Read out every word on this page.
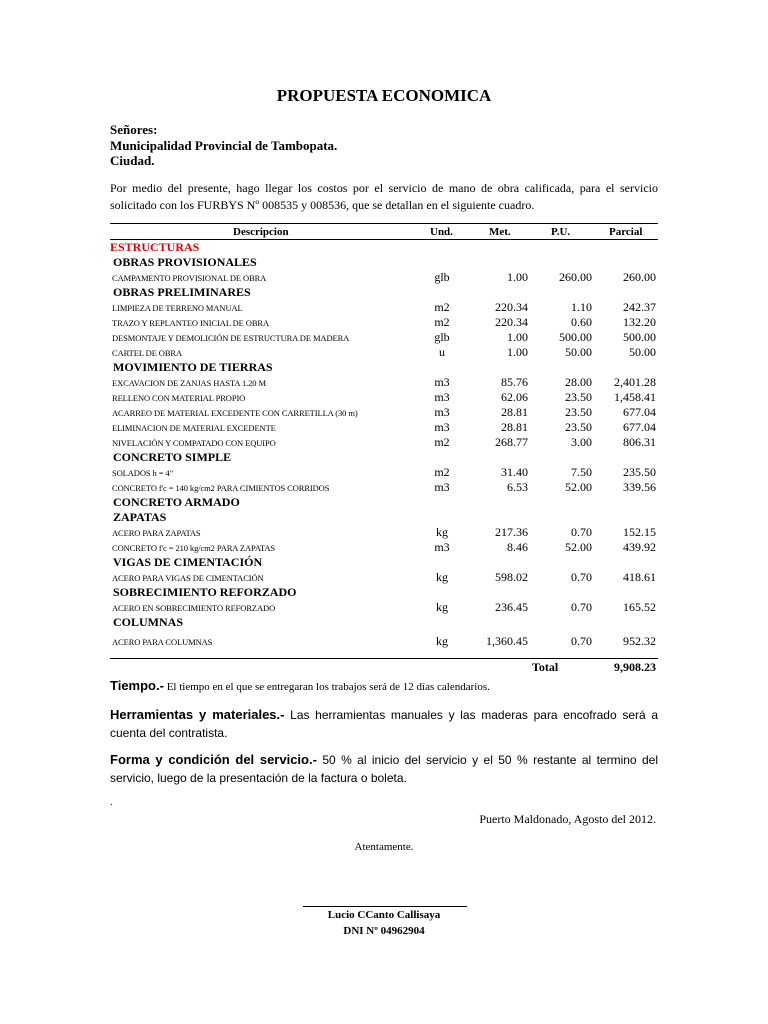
PROPUESTA ECONOMICA
Señores:
Municipalidad Provincial de Tambopata.
Ciudad.
Por medio del presente, hago llegar los costos por el servicio de mano de obra calificada, para el servicio solicitado con los FURBYS Nº 008535 y 008536, que se detallan en el siguiente cuadro.
Descripcion	Und.	Met.	P.U.	Parcial
ESTRUCTURAS
OBRAS PROVISIONALES
CAMPAMENTO PROVISIONAL DE OBRA	glb	1.00	260.00	260.00
OBRAS PRELIMINARES
LIMPIEZA DE TERRENO MANUAL	m2	220.34	1.10	242.37
TRAZO Y REPLANTEO INICIAL DE OBRA	m2	220.34	0.60	132.20
DESMONTAJE Y DEMOLICIÓN DE ESTRUCTURA DE MADERA	glb	1.00	500.00	500.00
CARTEL DE OBRA	u	1.00	50.00	50.00
MOVIMIENTO DE TIERRAS
EXCAVACION DE ZANJAS HASTA 1.20 M	m3	85.76	28.00	2,401.28
RELLENO CON MATERIAL PROPIO	m3	62.06	23.50	1,458.41
ACARREO DE MATERIAL EXCEDENTE CON CARRETILLA (30 m)	m3	28.81	23.50	677.04
ELIMINACION DE MATERIAL EXCEDENTE	m3	28.81	23.50	677.04
NIVELACIÓN Y COMPATADO CON EQUIPO	m2	268.77	3.00	806.31
CONCRETO SIMPLE
SOLADOS h = 4"	m2	31.40	7.50	235.50
CONCRETO f'c = 140 kg/cm2 PARA CIMIENTOS CORRIDOS	m3	6.53	52.00	339.56
CONCRETO ARMADO
ZAPATAS
ACERO PARA ZAPATAS	kg	217.36	0.70	152.15
CONCRETO f'c = 210 kg/cm2 PARA ZAPATAS	m3	8.46	52.00	439.92
VIGAS DE CIMENTACIÓN
ACERO PARA VIGAS DE CIMENTACIÓN	kg	598.02	0.70	418.61
SOBRECIMIENTO REFORZADO
ACERO EN SOBRECIMIENTO REFORZADO	kg	236.45	0.70	165.52
COLUMNAS
ACERO PARA COLUMNAS	kg	1,360.45	0.70	952.32
Total	9,908.23
Tiempo.- El tiempo en el que se entregaran los trabajos será de 12 días calendarios.
Herramientas y materiales.- Las herramientas manuales y las maderas para encofrado será a cuenta del contratista.
Forma y condición del servicio.- 50 % al inicio del servicio y el 50 % restante al termino del servicio, luego de la presentación de la factura o boleta.
.
Puerto Maldonado, Agosto del 2012.
Atentamente.
Lucio CCanto Callisaya
DNI Nº 04962904
